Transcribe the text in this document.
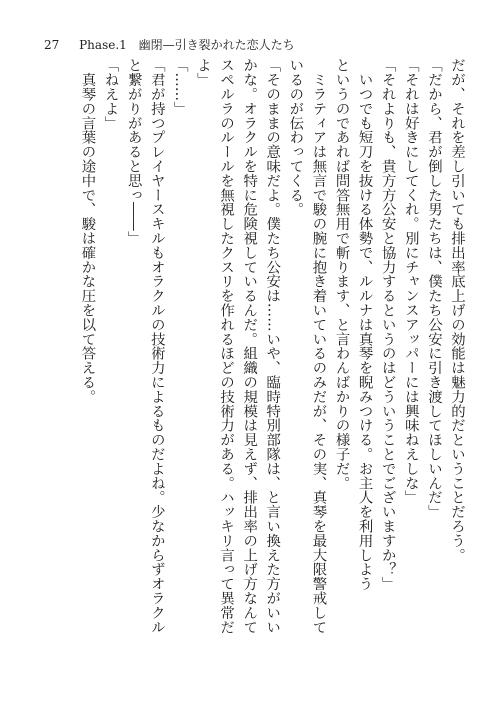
27 Phase.1 幽閉—引き裂かれた恋人たち

だが、それを差し引いても排出率底上げの効能は魅力的だということだろう。

「だから、君が倒した男たちは、僕たち公安に引き渡してほしいんだ」

「それは好きにしてくれ。別にチャンスアッパーには興味ねえしな」

「それよりも、貴方方公安と協力するというのはどういうことでございますか？」

　いつでも短刀を抜ける体勢で、ルルナは真琴を睨みつける。お主人を利用しよう

というのであれば問答無用で斬ります、と言わんばかりの様子だ。

　ミラティアは無言で駿の腕に抱き着いているのみだが、その実、真琴を最大限警戒して

いるのが伝わってくる。

「そのままの意味だよ。僕たち公安は……いや、臨時特別部隊は、と言い換えた方がいい

かな。オラクルを特に危険視しているんだ。組織の規模は見えず、排出率の上げ方なんて

スペルラのルールを無視したクスリを作れるほどの技術力がある。ハッキリ言って異常だ

よ」

「……」

「君が持つプレイヤースキルもオラクルの技術力によるものだよね。少なからずオラクル

と繋がりがあると思っ――」

「ねえよ」

　真琴の言葉の途中で、駿は確かな圧を以て答える。
